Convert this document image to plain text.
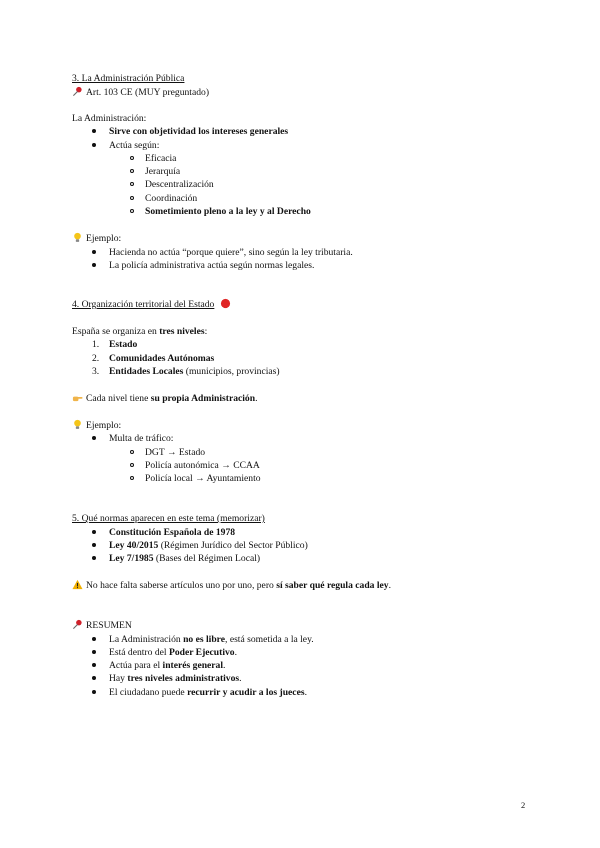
3. La Administración Pública
Art. 103 CE (MUY preguntado)
La Administración:
Sirve con objetividad los intereses generales
Actúa según:
Eficacia
Jerarquía
Descentralización
Coordinación
Sometimiento pleno a la ley y al Derecho
Ejemplo:
Hacienda no actúa “porque quiere”, sino según la ley tributaria.
La policía administrativa actúa según normas legales.
4. Organización territorial del Estado
España se organiza en tres niveles:
1. Estado
2. Comunidades Autónomas
3. Entidades Locales (municipios, provincias)
Cada nivel tiene su propia Administración.
Ejemplo:
Multa de tráfico:
DGT → Estado
Policía autonómica → CCAA
Policía local → Ayuntamiento
5. Qué normas aparecen en este tema (memorizar)
Constitución Española de 1978
Ley 40/2015 (Régimen Jurídico del Sector Público)
Ley 7/1985 (Bases del Régimen Local)
No hace falta saberse artículos uno por uno, pero sí saber qué regula cada ley.
RESUMEN
La Administración no es libre, está sometida a la ley.
Está dentro del Poder Ejecutivo.
Actúa para el interés general.
Hay tres niveles administrativos.
El ciudadano puede recurrir y acudir a los jueces.
2
